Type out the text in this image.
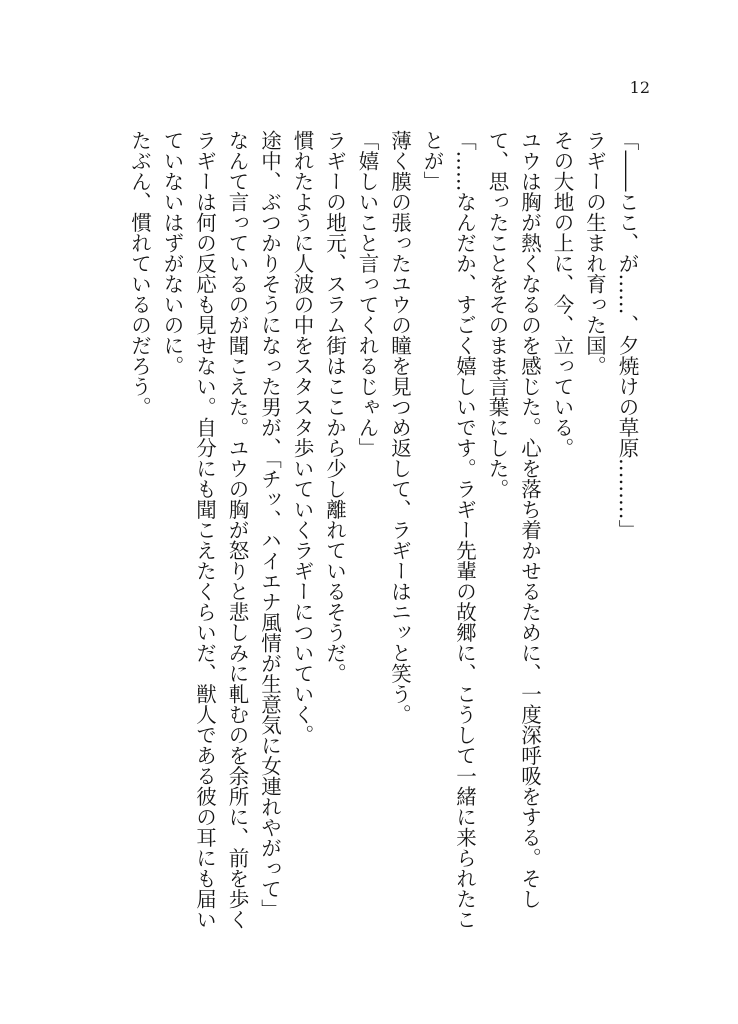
12

「――ここ、が……、夕焼けの草原………」

ラギーの生まれ育った国。

その大地の上に、今、立っている。

ユウは胸が熱くなるのを感じた。心を落ち着かせるために、一度深呼吸をする。そして、思ったことをそのまま言葉にした。

「……なんだか、すごく嬉しいです。ラギー先輩の故郷に、こうして一緒に来られたことが」

薄く膜の張ったユウの瞳を見つめ返して、ラギーはニッと笑う。

「嬉しいこと言ってくれるじゃん」

ラギーの地元、スラム街はここから少し離れているそうだ。

慣れたように人波の中をスタスタ歩いていくラギーについていく。

途中、ぶつかりそうになった男が、「チッ、ハイエナ風情が生意気に女連れやがって」なんて言っているのが聞こえた。ユウの胸が怒りと悲しみに軋むのを余所に、前を歩くラギーは何の反応も見せない。自分にも聞こえたくらいだ、獣人である彼の耳にも届いていないはずがないのに。

たぶん、慣れているのだろう。
